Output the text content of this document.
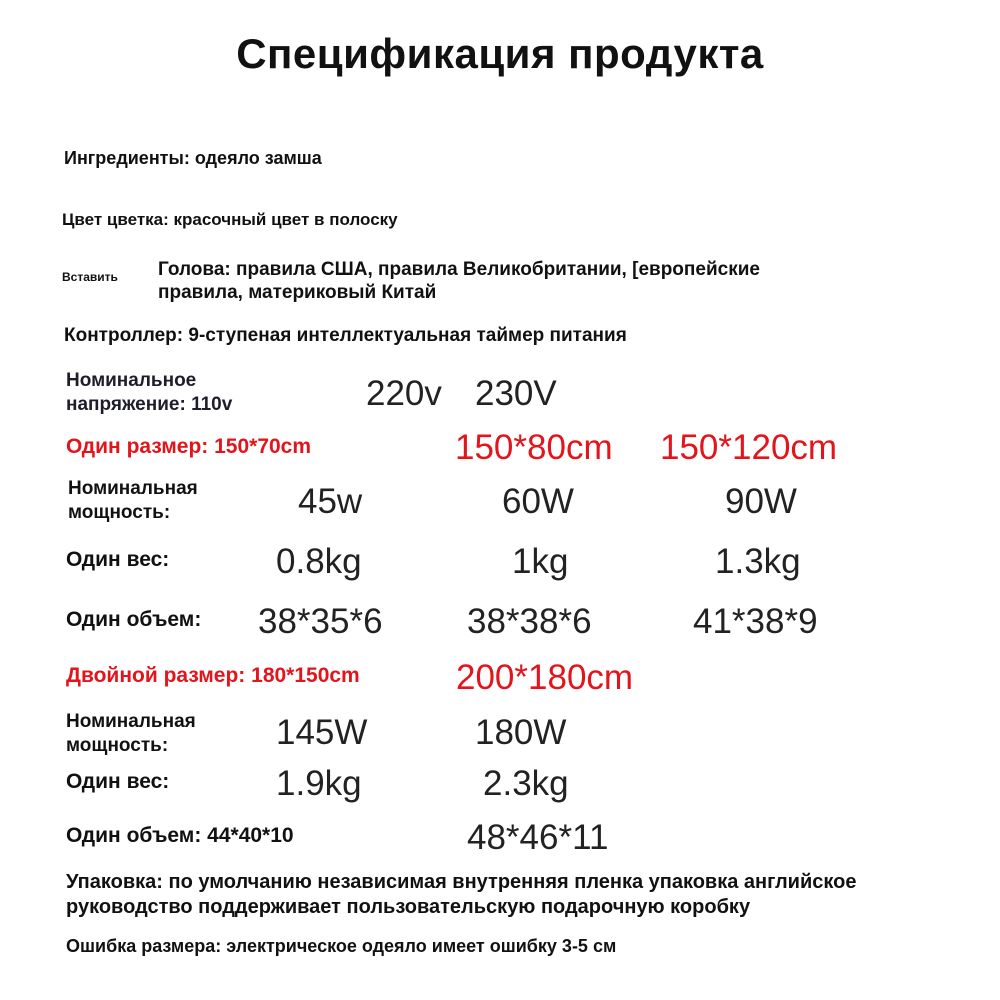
Спецификация продукта
Ингредиенты: одеяло замша
Цвет цветка: красочный цвет в полоску
Вставить Голова: правила США, правила Великобритании, [европейские
правила, материковый Китай
Контроллер: 9-ступеная интеллектуальная таймер питания
Номинальное
напряжение: 110v	220v 230V
Один размер: 150*70cm	150*80cm 150*120cm
Номинальная
мощность:	45w	60W	90W
Один вес:	0.8kg	1kg	1.3kg
Один объем: 38*35*6 38*38*6	41*38*9
Двойной размер: 180*150cm	200*180cm
Номинальная
мощность:	145W	180W
Один вес:	1.9kg	2.3kg
Один объем: 44*40*10	48*46*11
Упаковка: по умолчанию независимая внутренняя пленка упаковка английское
руководство поддерживает пользовательскую подарочную коробку
Ошибка размера: электрическое одеяло имеет ошибку 3-5 см
